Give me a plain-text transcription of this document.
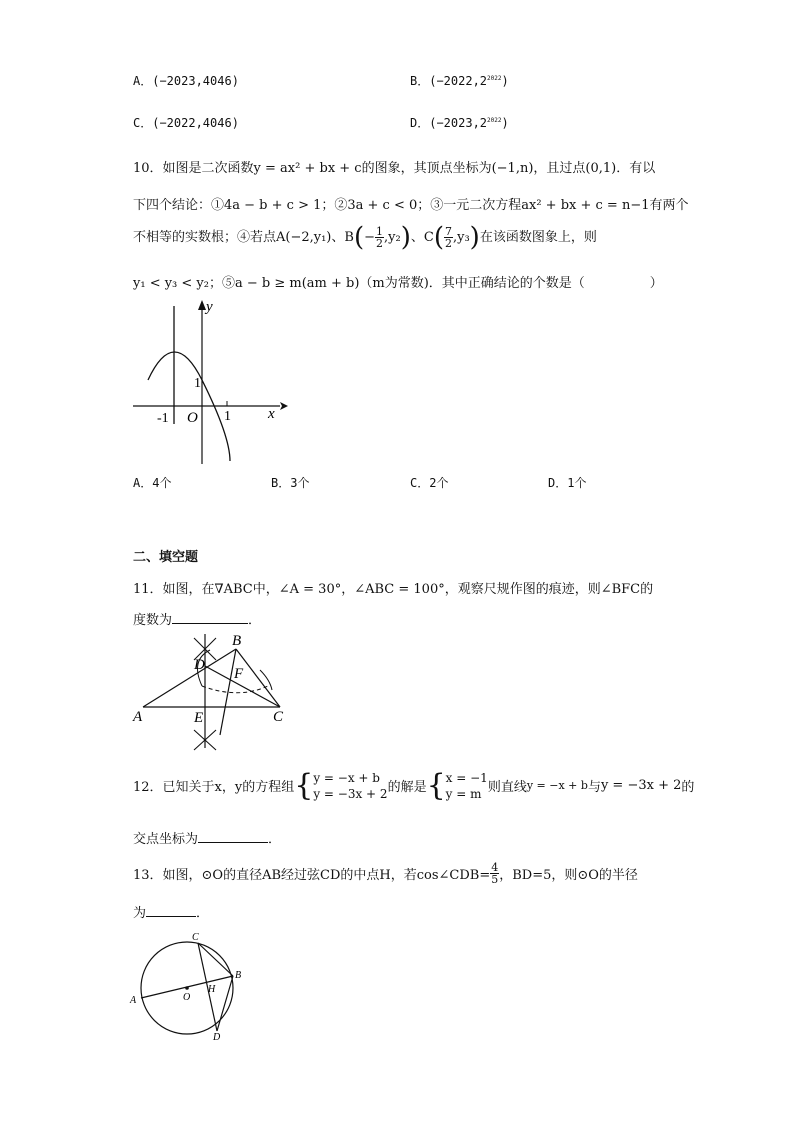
A．(−2023,4046)	B．$(-2022,2^{2022})$
C．(−2022,4046)	D．$(-2023,2^{2022})$
10．如图是二次函数y = ax² + bx + c的图象，其顶点坐标为(−1,n)，且过点(0,1)．有以
下四个结论：①4a − b + c > 1；②3a + c < 0；③一元二次方程ax² + bx + c = n−1有两个
不相等的实数根；④若点A(−2,y₁)、$B(- \frac{1}{2} ,y_2)$、$C( \frac{7}{2} ,y_3)$在该函数图象上，则
y₁ < y₃ < y₂；⑤a − b ≥ m(am + b)（m为常数)．其中正确结论的个数是（　　　　　）
y
x
O
-1	1
1
A．4个	B．3个	C．2个	D．1个
二、填空题
11．如图，在∇ABC中，∠A = 30°，∠ABC = 100°，观察尺规作图的痕迹，则∠BFC的
度数为	．
A
B
C
D
E
F
12．已知关于x，y的方程组{ y = −x + b
y = −3x + 2 的解是{ x = −1
y = m 则直线y = −x + b与y = −3x + 2的
交点坐标为	．
13．如图，⊙O的直径AB经过弦CD的中点H，若cos∠CDB= $\frac{4}{5}$ ，BD=5，则⊙O的半径
为	．
A
B
C
D
O
H
